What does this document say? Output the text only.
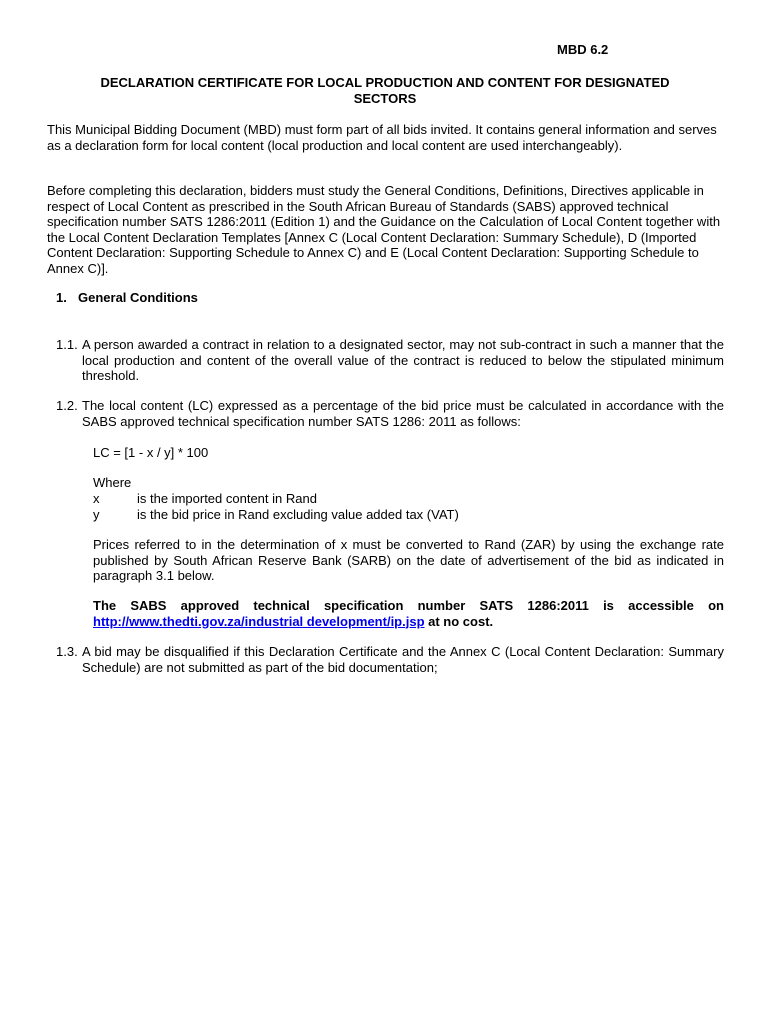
MBD 6.2
DECLARATION CERTIFICATE FOR LOCAL PRODUCTION AND CONTENT FOR DESIGNATED
SECTORS

This Municipal Bidding Document (MBD) must form part of all bids invited. It contains general information and serves as a declaration form for local content (local production and local content are used interchangeably).

Before completing this declaration, bidders must study the General Conditions, Definitions, Directives applicable in respect of Local Content as prescribed in the South African Bureau of Standards (SABS) approved technical specification number SATS 1286:2011 (Edition 1) and the Guidance on the Calculation of Local Content together with the Local Content Declaration Templates [Annex C (Local Content Declaration: Summary Schedule), D (Imported Content Declaration: Supporting Schedule to Annex C) and E (Local Content Declaration: Supporting Schedule to Annex C)].

1. General Conditions
1.1. A person awarded a contract in relation to a designated sector, may not sub-contract in such a manner that the local production and content of the overall value of the contract is reduced to below the stipulated minimum threshold.
1.2. The local content (LC) expressed as a percentage of the bid price must be calculated in accordance with the SABS approved technical specification number SATS 1286: 2011 as follows:
LC = [1 - x / y] * 100
Where
x	is the imported content in Rand
y	is the bid price in Rand excluding value added tax (VAT)
Prices referred to in the determination of x must be converted to Rand (ZAR) by using the exchange rate published by South African Reserve Bank (SARB) on the date of advertisement of the bid as indicated in paragraph 3.1 below.
The SABS approved technical specification number SATS 1286:2011 is accessible on http://www.thedti.gov.za/industrial development/ip.jsp at no cost.
1.3. A bid may be disqualified if this Declaration Certificate and the Annex C (Local Content Declaration: Summary Schedule) are not submitted as part of the bid documentation;
